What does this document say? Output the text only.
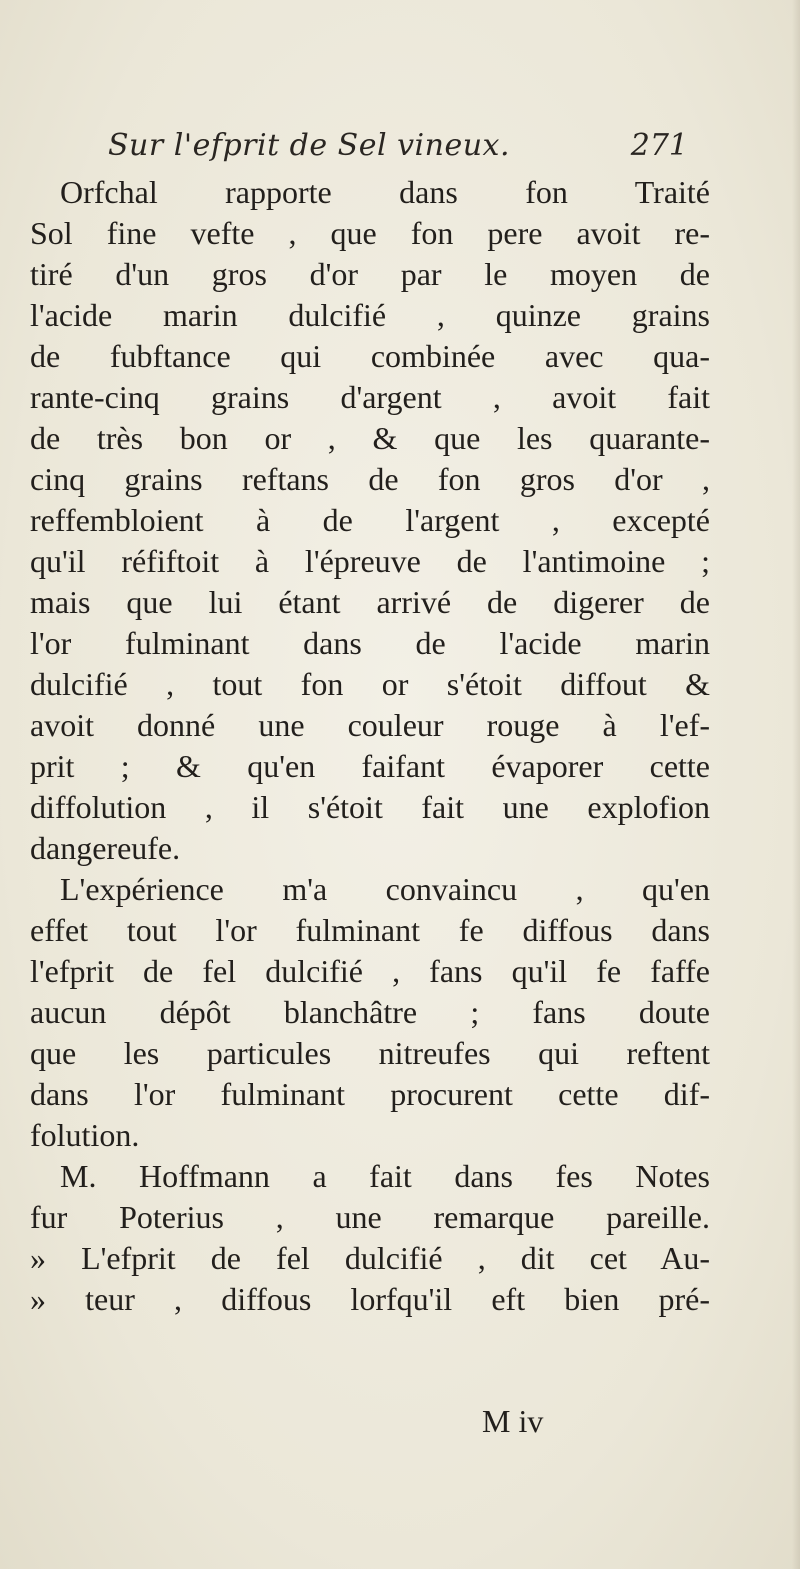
Sur l'efprit de Sel vineux.	271
Orfchal rapporte dans fon Traité
Sol fine vefte , que fon pere avoit re-
tiré d'un gros d'or par le moyen de
l'acide marin dulcifié , quinze grains
de fubftance qui combinée avec qua-
rante-cinq grains d'argent , avoit fait
de très bon or , & que les quarante-
cinq grains reftans de fon gros d'or ,
reffembloient à de l'argent , excepté
qu'il réfiftoit à l'épreuve de l'antimoine ;
mais que lui étant arrivé de digerer de
l'or fulminant dans de l'acide marin
dulcifié , tout fon or s'étoit diffout &
avoit donné une couleur rouge à l'ef-
prit ; & qu'en faifant évaporer cette
diffolution , il s'étoit fait une explofion
dangereufe.
L'expérience m'a convaincu , qu'en
effet tout l'or fulminant fe diffous dans
l'efprit de fel dulcifié , fans qu'il fe faffe
aucun dépôt blanchâtre ; fans doute
que les particules nitreufes qui reftent
dans l'or fulminant procurent cette dif-
folution.
M. Hoffmann a fait dans fes Notes
fur Poterius , une remarque pareille.
» L'efprit de fel dulcifié , dit cet Au-
» teur , diffous lorfqu'il eft bien pré-
M iv
